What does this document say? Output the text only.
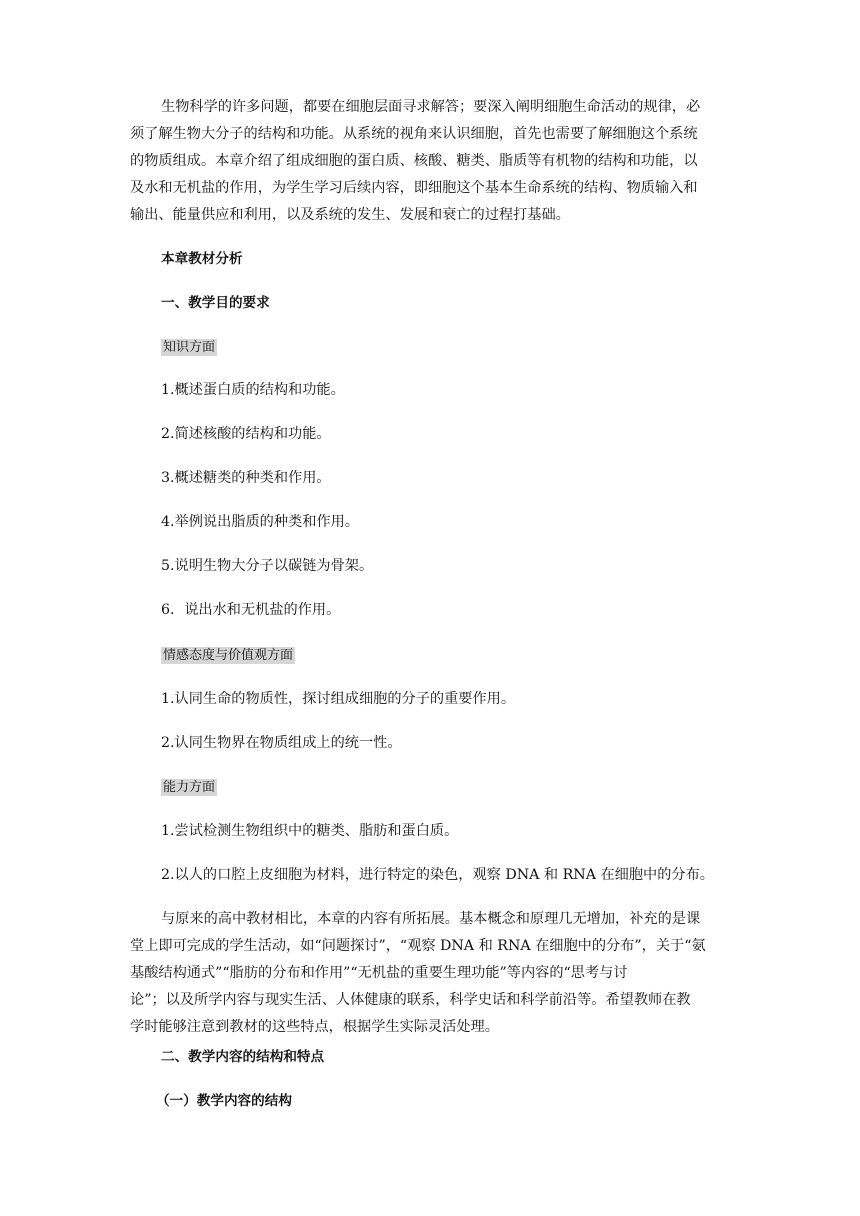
生物科学的许多问题，都要在细胞层面寻求解答；要深入阐明细胞生命活动的规律，必

须了解生物大分子的结构和功能。从系统的视角来认识细胞，首先也需要了解细胞这个系统

的物质组成。本章介绍了组成细胞的蛋白质、核酸、糖类、脂质等有机物的结构和功能，以

及水和无机盐的作用，为学生学习后续内容，即细胞这个基本生命系统的结构、物质输入和

输出、能量供应和利用，以及系统的发生、发展和衰亡的过程打基础。

本章教材分析

一、教学目的要求

知识方面

1.概述蛋白质的结构和功能。

2.简述核酸的结构和功能。

3.概述糖类的种类和作用。

4.举例说出脂质的种类和作用。

5.说明生物大分子以碳链为骨架。

6．说出水和无机盐的作用。

情感态度与价值观方面

1.认同生命的物质性，探讨组成细胞的分子的重要作用。

2.认同生物界在物质组成上的统一性。

能力方面

1.尝试检测生物组织中的糖类、脂肪和蛋白质。

2.以人的口腔上皮细胞为材料，进行特定的染色，观察 DNA 和 RNA 在细胞中的分布。

与原来的高中教材相比，本章的内容有所拓展。基本概念和原理几无增加，补充的是课

堂上即可完成的学生活动，如“问题探讨”，“观察 DNA 和 RNA 在细胞中的分布”，关于“氨

基酸结构通式”“脂肪的分布和作用”“无机盐的重要生理功能”等内容的“思考与讨

论”；以及所学内容与现实生活、人体健康的联系，科学史话和科学前沿等。希望教师在教

学时能够注意到教材的这些特点，根据学生实际灵活处理。

二、教学内容的结构和特点

（一）教学内容的结构
